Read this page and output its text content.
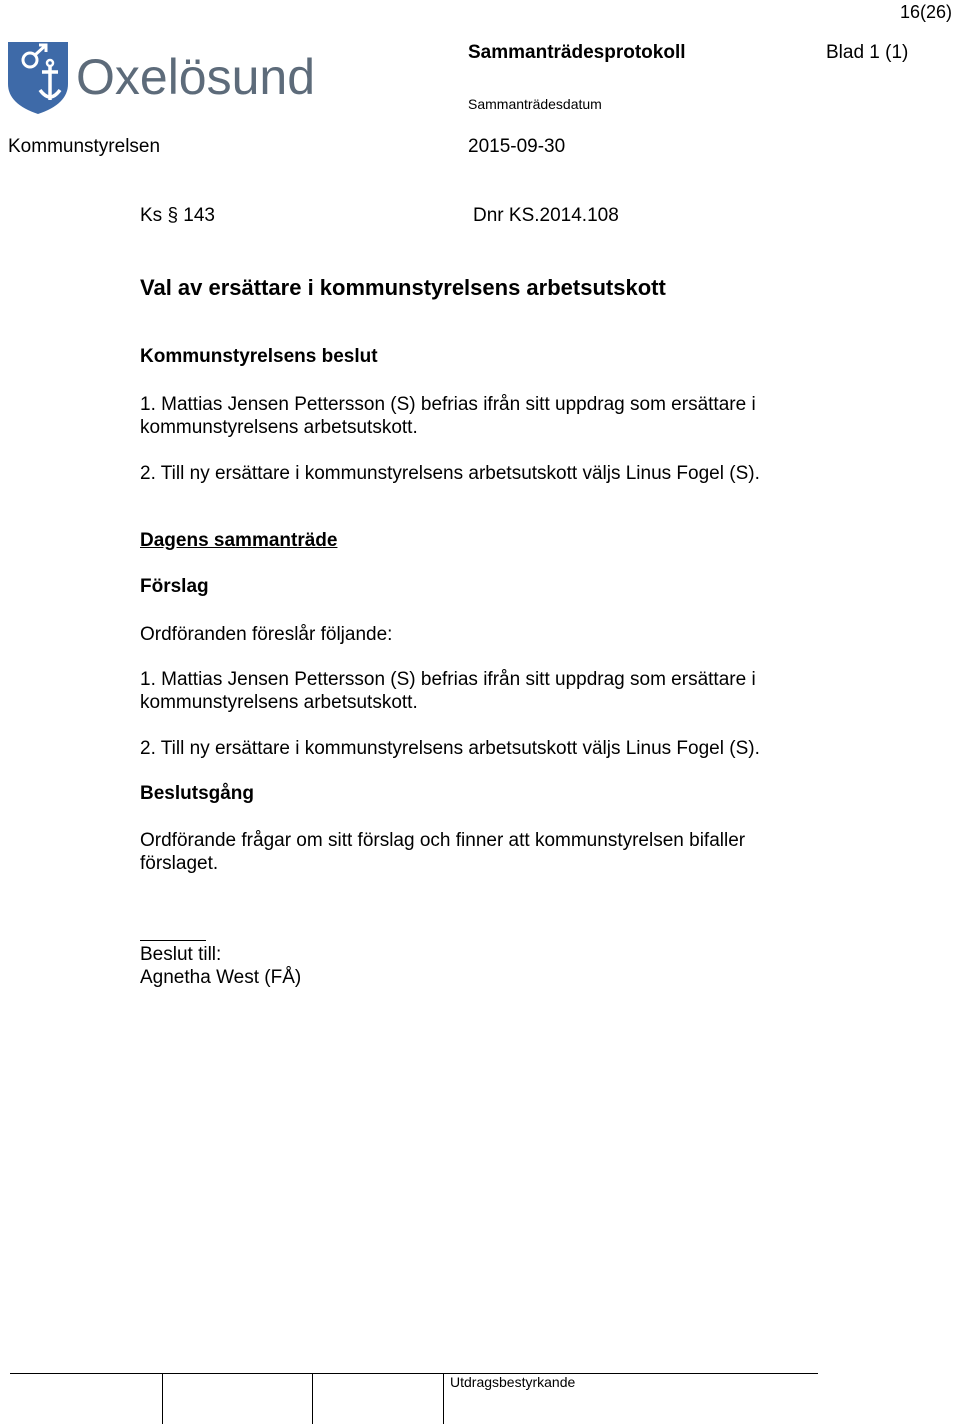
16(26)
Oxelösund	Sammanträdesprotokoll	Blad 1 (1)
Sammanträdesdatum
Kommunstyrelsen	2015-09-30
Ks § 143	Dnr KS.2014.108
Val av ersättare i kommunstyrelsens arbetsutskott
Kommunstyrelsens beslut
1. Mattias Jensen Pettersson (S) befrias ifrån sitt uppdrag som ersättare i kommunstyrelsens arbetsutskott.
2. Till ny ersättare i kommunstyrelsens arbetsutskott väljs Linus Fogel (S).
Dagens sammanträde
Förslag
Ordföranden föreslår följande:
1. Mattias Jensen Pettersson (S) befrias ifrån sitt uppdrag som ersättare i kommunstyrelsens arbetsutskott.
2. Till ny ersättare i kommunstyrelsens arbetsutskott väljs Linus Fogel (S).
Beslutsgång
Ordförande frågar om sitt förslag och finner att kommunstyrelsen bifaller förslaget.
Beslut till:
Agnetha West (FÅ)
Utdragsbestyrkande
